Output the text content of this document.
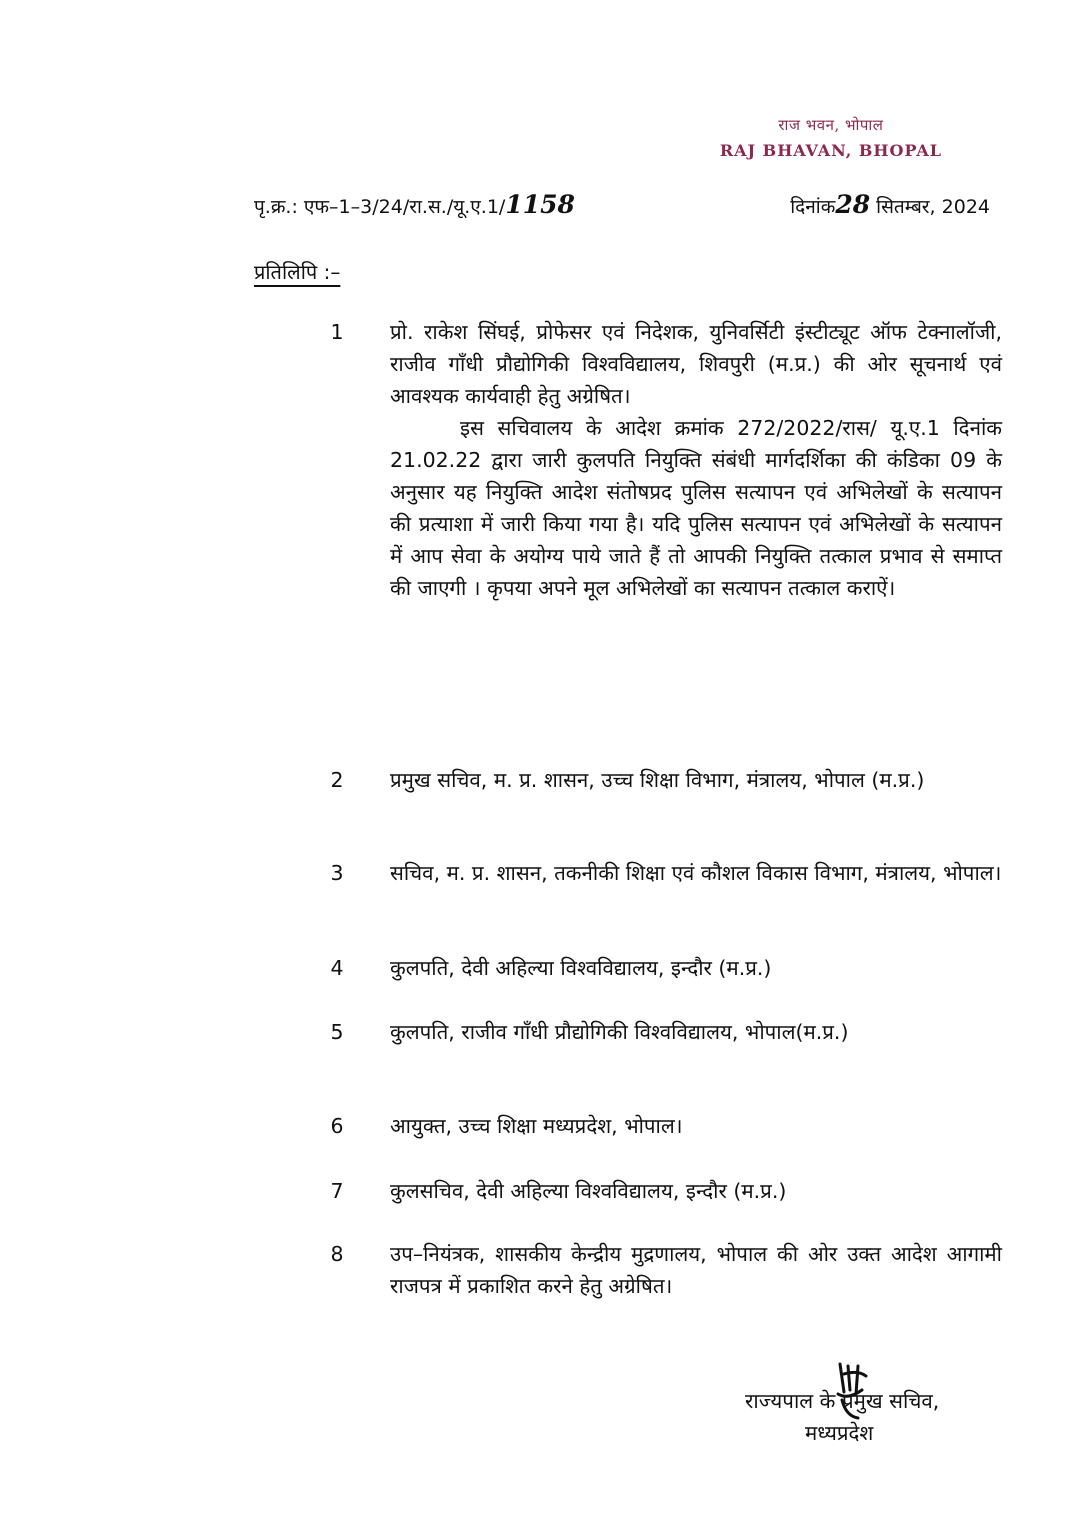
राज भवन, भोपाल
RAJ BHAVAN, BHOPAL
पृ.क्र.: एफ–1–3/24/रा.स./यू.ए.1/1158	दिनांक28 सितम्बर, 2024
प्रतिलिपि :–
1	प्रो. राकेश सिंघई, प्रोफेसर एवं निदेशक, युनिवर्सिटी इंस्टीट्यूट ऑफ टेक्नालॉजी, राजीव गाँधी प्रौद्योगिकी विश्वविद्यालय, शिवपुरी (म.प्र.) की ओर सूचनार्थ एवं आवश्यक कार्यवाही हेतु अग्रेषित।

इस सचिवालय के आदेश क्रमांक 272/2022/रास/ यू.ए.1 दिनांक 21.02.22 द्वारा जारी कुलपति नियुक्ति संबंधी मार्गदर्शिका की कंडिका 09 के अनुसार यह नियुक्ति आदेश संतोषप्रद पुलिस सत्यापन एवं अभिलेखों के सत्यापन की प्रत्याशा में जारी किया गया है। यदि पुलिस सत्यापन एवं अभिलेखों के सत्यापन में आप सेवा के अयोग्य पाये जाते हैं तो आपकी नियुक्ति तत्काल प्रभाव से समाप्त की जाएगी । कृपया अपने मूल अभिलेखों का सत्यापन तत्काल कराऐं।

2	प्रमुख सचिव, म. प्र. शासन, उच्च शिक्षा विभाग, मंत्रालय, भोपाल (म.प्र.)
3	सचिव, म. प्र. शासन, तकनीकी शिक्षा एवं कौशल विकास विभाग, मंत्रालय, भोपाल।
4	कुलपति, देवी अहिल्या विश्वविद्यालय, इन्दौर (म.प्र.)
5	कुलपति, राजीव गाँधी प्रौद्योगिकी विश्वविद्यालय, भोपाल(म.प्र.)
6	आयुक्त, उच्च शिक्षा मध्यप्रदेश, भोपाल।
7	कुलसचिव, देवी अहिल्या विश्वविद्यालय, इन्दौर (म.प्र.)
8	उप–नियंत्रक, शासकीय केन्द्रीय मुद्रणालय, भोपाल की ओर उक्त आदेश आगामी राजपत्र में प्रकाशित करने हेतु अग्रेषित।
राज्यपाल के प्रमुख सचिव,
मध्यप्रदेश
